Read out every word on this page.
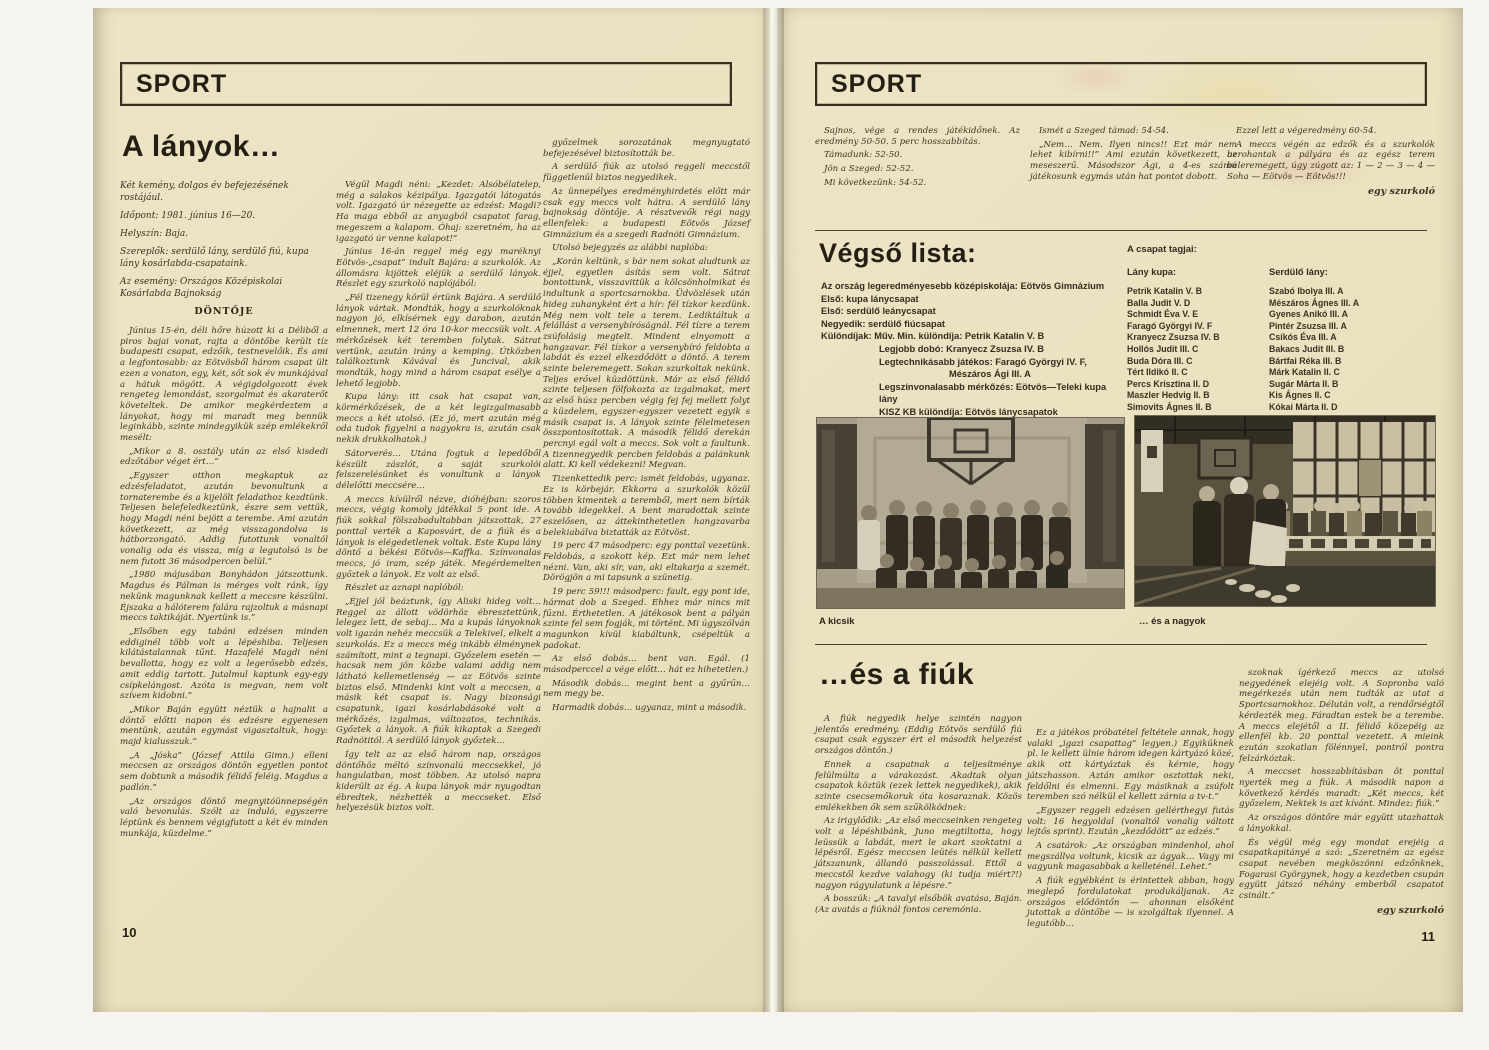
SPORT
A lányok…

Két kemény, dolgos év befejezésének rostájául.

Időpont: 1981. június 16—20.

Helyszín: Baja.

Szereplők: serdülő lány, serdülő fiú, kupa lány kosárlabda-csapataink.

Az esemény: Országos Középiskolai Kosárlabda Bajnokság

DÖNTŐJE

Június 15-én, déli hőre húzott ki a Déliből a piros bajai vonat, rajta a döntőbe került tíz budapesti csapat, edzőik, testnevelőik. És ami a legfontosabb: az Eötvösből három csapat ült ezen a vonaton, egy, két, sőt sok év munkájával a hátuk mögött. A végigdolgozott évek rengeteg lemondást, szorgalmat és akaraterőt követeltek. De amikor megkérdeztem a lányokat, hogy mi maradt meg bennük leginkább, szinte mindegyikük szép emlékekről mesélt:

„Mikor a 8. osztály után az első kisdedi edzőtábor véget ért…”

„Egyszer otthon megkaptuk az edzésfeladatot, azután bevonultunk a tornaterembe és a kijelölt feladathoz kezdtünk. Teljesen belefeledkeztünk, észre sem vettük, hogy Magdi néni bejött a terembe. Ami azután következett, az még visszagondolva is hátborzongató. Addig futottunk vonaltól vonalig oda és vissza, míg a legutolsó is be nem futott 36 másodpercen belül.”

„1980 májusában Bonyhádon játszottunk. Magdus és Pálman is mérges volt ránk, így nekünk magunknak kellett a meccsre készülni. Éjszaka a hálóterem falára rajzoltuk a másnapi meccs taktikáját. Nyertünk is.”

„Elsőben egy tabáni edzésen minden eddiginél több volt a lépéshiba. Teljesen kilátástalannak tűnt. Hazafelé Magdi néni bevallotta, hogy ez volt a legerősebb edzés, amit eddig tartott. Jutalmul kaptunk egy-egy csípkelángost. Azóta is megvan, nem volt szívem kidobni.”

„Mikor Baján együtt néztük a hajnalit a döntő előtti napon és edzésre egyenesen mentünk, azután egymást vigasztaltuk, hogy: majd kialusszuk.”

„A „Jóska” (József Attila Gimn.) elleni meccsen az országos döntőn egyetlen pontot sem dobtunk a második félidő feléig. Magdus a padlón.”

„Az országos döntő megnyitóünnepségén való bevonulás. Szólt az induló, egyszerre léptünk és bennem végigfutott a két év minden munkája, küzdelme.”

Végül Magdi néni: „Kezdet: Alsóbélatelep, még a salakos kézipálya. Igazgatói látogatás volt. Igazgató úr nézegette az edzést: Magdi? Ha maga ebből az anyagból csapatot farag, megeszem a kalapom. Óhaj: szeretném, ha az igazgató úr venne kalapot!”

Június 16-án reggel még egy maréknyi Eötvös-„csapat” indult Bajára: a szurkolók. Az állomásra kijöttek eléjük a serdülő lányok. Részlet egy szurkoló naplójából:

„Fél tizenegy körül értünk Bajára. A serdülő lányok vártak. Mondták, hogy a szurkolóknak nagyon jó, elkísérnek egy darabon, azután elmennek, mert 12 óra 10-kor meccsük volt. A mérkőzések két teremben folytak. Sátrat vertünk, azután irány a kemping. Útközben találkoztunk Kávával és Juncival, akik mondták, hogy mind a három csapat esélye a lehető legjobb.

Kupa lány: itt csak hat csapat van, körmérkőzések, de a két legizgalmasabb meccs a két utolsó. (Ez jó, mert azután még oda tudok figyelni a nagyokra is, azután csak nekik drukkolhatok.)

Sátorverés… Utána fogtuk a lepedőből készült zászlót, a saját szurkolói felszerelésünket és vonultunk a lányok délelőtti meccsére…

A meccs kívülről nézve, dióhéjban: szoros meccs, végig komoly játékkal 5 pont ide. A fiúk sokkal fölszabadultabban játszottak, 27 ponttal verték a Kaposvárt, de a fiúk és a lányok is elégedetlenek voltak. Este Kupa lány döntő a békési Eötvös—Kaffka. Színvonalas meccs, jó iram, szép játék. Megérdemelten győztek a lányok. Ez volt az első.

Részlet az aznapi naplóból:

„Éjjel jól beáztunk, így Aliski hideg volt… Reggel az állott vödörhöz ébresztettünk, lelegez lett, de sebaj… Ma a kupás lányoknak volt igazán nehéz meccsük a Telekivel, elkelt a szurkolás. Ez a meccs még inkább élménynek számított, mint a tegnapi. Győzelem esetén — hacsak nem jön közbe valami addig nem látható kellemetlenség — az Eötvös szinte biztos első. Mindenki kint volt a meccsen, a másik két csapat is. Nagy bizonsági csapatunk, igazi kosárlabdásoké volt a mérkőzés, izgalmas, változatos, technikás. Győztek a lányok. A fiúk kikaptak a Szegedi Radnótitól. A serdülő lányok győztek…

Így telt az az első három nap, országos döntőhöz méltó színvonalú meccsekkel, jó hangulatban, most többen. Az utolsó napra kiderült az ég. A kupa lányok már nyugodtan ébredtek, nézhették a meccseket. Első helyezésük biztos volt.

győzelmek sorozatának megnyugtató befejezésével biztosították be.

A serdülő fiúk az utolsó reggeli meccstől függetlenül biztos negyedikek.

Az ünnepélyes eredményhirdetés előtt már csak egy meccs volt hátra. A serdülő lány bajnokság döntője. A résztvevők régi nagy ellenfelek: a budapesti Eötvös József Gimnázium és a szegedi Radnóti Gimnázium.

Utolsó bejegyzés az alábbi naplóba:

„Korán keltünk, s bár nem sokat aludtunk az éjjel, egyetlen ásítás sem volt. Sátrat bontottunk, visszavittük a kölcsönholmikat és indultunk a sportcsarnokba. Üdvözlések után hideg zuhanyként ért a hír: fél tízkor kezdünk. Még nem volt tele a terem. Lediktáltuk a felállást a versenybíróságnál. Fél tízre a terem zsúfolásig megtelt. Mindent elnyomott a hangzavar. Fél tízkor a versenybíró feldobta a labdát és ezzel elkezdődött a döntő. A terem szinte beleremegett. Sokan szurkoltak nekünk. Teljes erővel küzdöttünk. Már az első félidő szinte teljesen fölfokozta az izgalmakat, mert az első húsz percben végig fej fej mellett folyt a küzdelem, egyszer-egyszer vezetett egyik s másik csapat is. A lányok szinte félelmetesen összpontosítottak. A második félidő derekán percnyi egál volt a meccs. Sok volt a faultunk. A tizennegyedik percben feldobás a palánkunk alatt. Ki kell védekezni! Megvan.

Tizenkettedik perc: ismét feldobás, ugyanaz. Ez is körbejár. Ekkorra a szurkolók közül többen kimentek a teremből, mert nem bírták tovább idegekkel. A bent maradottak szinte eszelősen, az áttekinthetetlen hangzavarba belekiabálva biztatták az Eötvöst.

19 perc 47 másodperc: egy ponttal vezetünk. Feldobás, a szokott kép. Ezt már nem lehet nézni. Van, aki sír, van, aki eltakarja a szemét. Dörögjön a mi tapsunk a szünetig.

19 perc 59!!! másodperc: fault, egy pont ide, hármat dob a Szeged. Ehhez már nincs mit fűzni. Érthetetlen. A játékosok bent a pályán szinte fel sem fogják, mi történt. Mi úgyszólván magunkon kívül kiabáltunk, csépeltük a padokat.

Az első dobás… bent van. Egál. (1 másodperccel a vége előtt… hát ez hihetetlen.)

Második dobás… megint bent a gyűrűn… nem megy be.

Harmadik dobás… ugyanaz, mint a második.

10
SPORT

Sajnos, vége a rendes játékidőnek. Az eredmény 50-50. 5 perc hosszabbítás.

Támadunk: 52-50.

Jön a Szeged: 52-52.

Mi következünk: 54-52.

Ismét a Szeged támad: 54-54.

„Nem… Nem. Ilyen nincs!! Ezt már nem lehet kibírni!!” Ami ezután következett, az meseszerű. Másodszor Ági, a 4-es számú játékosunk egymás után hat pontot dobott.

Ezzel lett a végeredmény 60-54.

A meccs végén az edzők és a szurkolók berohantak a pályára és az egész terem beleremegett, úgy zúgott az: 1 — 2 — 3 — 4 — Soha — Eötvös — Eötvös!!!

egy szurkoló
Végső lista:

Az ország legeredményesebb középiskolája: Eötvös Gimnázium

Első: kupa lánycsapat

Első: serdülő leánycsapat

Negyedik: serdülő fiúcsapat

Különdíjak: Műv. Min. különdíja: Petrik Katalin V. B

Legjobb dobó: Kranyecz Zsuzsa IV. B

Legtechnikásabb játékos: Faragó Györgyi IV. F,

Mészáros Ági III. A

Legszínvonalasabb mérkőzés: Eötvös—Teleki kupa lány

KISZ KB különdíja: Eötvös lánycsapatok

A csapat tagjai:

Lány kupa:

Petrik Katalin V. B

Balla Judit V. D

Schmidt Éva V. E

Faragó Györgyi IV. F

Kranyecz Zsuzsa IV. B

Hollós Judit III. C

Buda Dóra III. C

Tért Ildikó II. C

Percs Krisztina II. D

Maszler Hedvig II. B

Simovits Ágnes II. B

Serdülő lány:

Szabó Ibolya III. A

Mészáros Ágnes III. A

Gyenes Anikó III. A

Pintér Zsuzsa III. A

Csíkós Éva III. A

Bakacs Judit III. B

Bártfai Réka III. B

Márk Katalin II. C

Sugár Márta II. B

Kis Ágnes II. C

Kókai Márta II. D

A kicsik	… és a nagyok
…és a fiúk

A fiúk negyedik helye szintén nagyon jelentős eredmény. (Eddig Eötvös serdülő fiú csapat csak egyszer ért el második helyezést országos döntőn.)

Ennek a csapatnak a teljesítménye felülmúlta a várakozást. Akadtak olyan csapatok köztük (ezek lettek negyedikek), akik szinte csecsemőkoruk óta kosaraznak. Közös emlékekben ők sem szűkölködnek:

Az irigylődik: „Az első meccseinken rengeteg volt a lépéshibánk, Juno megtiltotta, hogy leüssük a labdát, mert le akart szoktatni a lépésről. Egész meccsen leütés nélkül kellett játszanunk, állandó passzolással. Ettől a meccstől kezdve valahogy (ki tudja miért?!) nagyon rágyulatunk a lépésre.”

A bosszúk: „A tavalyi elsőbök avatása, Baján. (Az avatás a fiúknál fontos ceremónia.

Ez a játékos próbatétel feltétele annak, hogy valaki „igazi csapattag” legyen.) Egyiküknek pl. le kellett ülnie három idegen kártyázó közé, akik ott kártyáztak és kérnie, hogy játszhasson. Aztán amikor osztottak neki, feldőlni és elmenni. Egy másiknak a zsúfolt teremben szó nélkül el kellett zárnia a tv-t.”

„Egyszer reggeli edzésen gellérthegyi futás volt: 16 hegyoldal (vonaltól vonalig váltott lejtős sprint). Ezután „kezdődött” az edzés.”

A csatárok: „Az országban mindenhol, ahol megszállva voltunk, kicsik az ágyak… Vagy mi vagyunk magasabbak a kelleténél. Lehet.”

A fiúk egyébként is érintettek abban, hogy meglepő fordulatokat produkáljanak. Az országos elődöntőn — ahonnan elsőként jutottak a döntőbe — is szolgáltak ilyennel. A legutóbb…

szoknak ígérkező meccs az utolsó negyedének elejéig volt. A Sopronba való megérkezés után nem tudták az utat a Sportcsarnokhoz. Délután volt, a rendőrségtől kérdezték meg. Fáradtan estek be a terembe. A meccs elejétől a II. félidő közepéig az ellenfél kb. 20 ponttal vezetett. A mieink ezután szokatlan fölénnyel, pontról pontra felzárkóztak.

A meccset hosszabbításban öt ponttal nyerték meg a fiúk. A második napon a következő kérdés maradt: „Két meccs, két győzelem, Nektek is azt kívánt. Mindez: fiúk.”

Az országos döntőre már együtt utazhattak a lányokkal.

És végül még egy mondat erejéig a csapatkapitányé a szó: „Szeretném az egész csapat nevében megköszönni edzőnknek, Fogarasi Györgynek, hogy a kezdetben csupán együtt játszó néhány emberből csapatot csinált.”

egy szurkoló
11
